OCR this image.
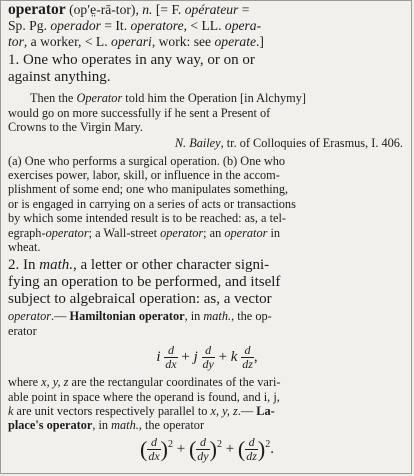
operator (op′e̤-rā-tor), n. [= F. opérateur =

Sp. Pg. operador = It. operatore, < LL. opera-

tor, a worker, < L. operari, work: see operate.]

1. One who operates in any way, or on or
against anything.

Then the Operator told him the Operation [in Alchymy]
would go on more successfully if he sent a Present of
Crowns to the Virgin Mary.

N. Bailey, tr. of Colloquies of Erasmus, I. 406.

(a) One who performs a surgical operation. (b) One who
exercises power, labor, skill, or influence in the accom-
plishment of some end; one who manipulates something,
or is engaged in carrying on a series of acts or transactions
by which some intended result is to be reached: as, a tel-
egraph-operator; a Wall-street operator; an operator in
wheat.
2. In math., a letter or other character signi-
fying an operation to be performed, and itself
subject to algebraical operation: as, a vector
operator.— Hamiltonian operator, in math., the op-
erator
i $\frac{d}{dx} + j \frac{d}{dy} + k \frac{d}{dz}$ ,
where x, y, z are the rectangular coordinates of the vari-
able point in space where the operand is found, and i, j,
k are unit vectors respectively parallel to x, y, z.— La-
place's operator, in math., the operator
( $\frac{d}{dx} )^2$ + ( $\frac{d}{dy} )^2$ + ( $\frac{d}{dz} )^2$.
